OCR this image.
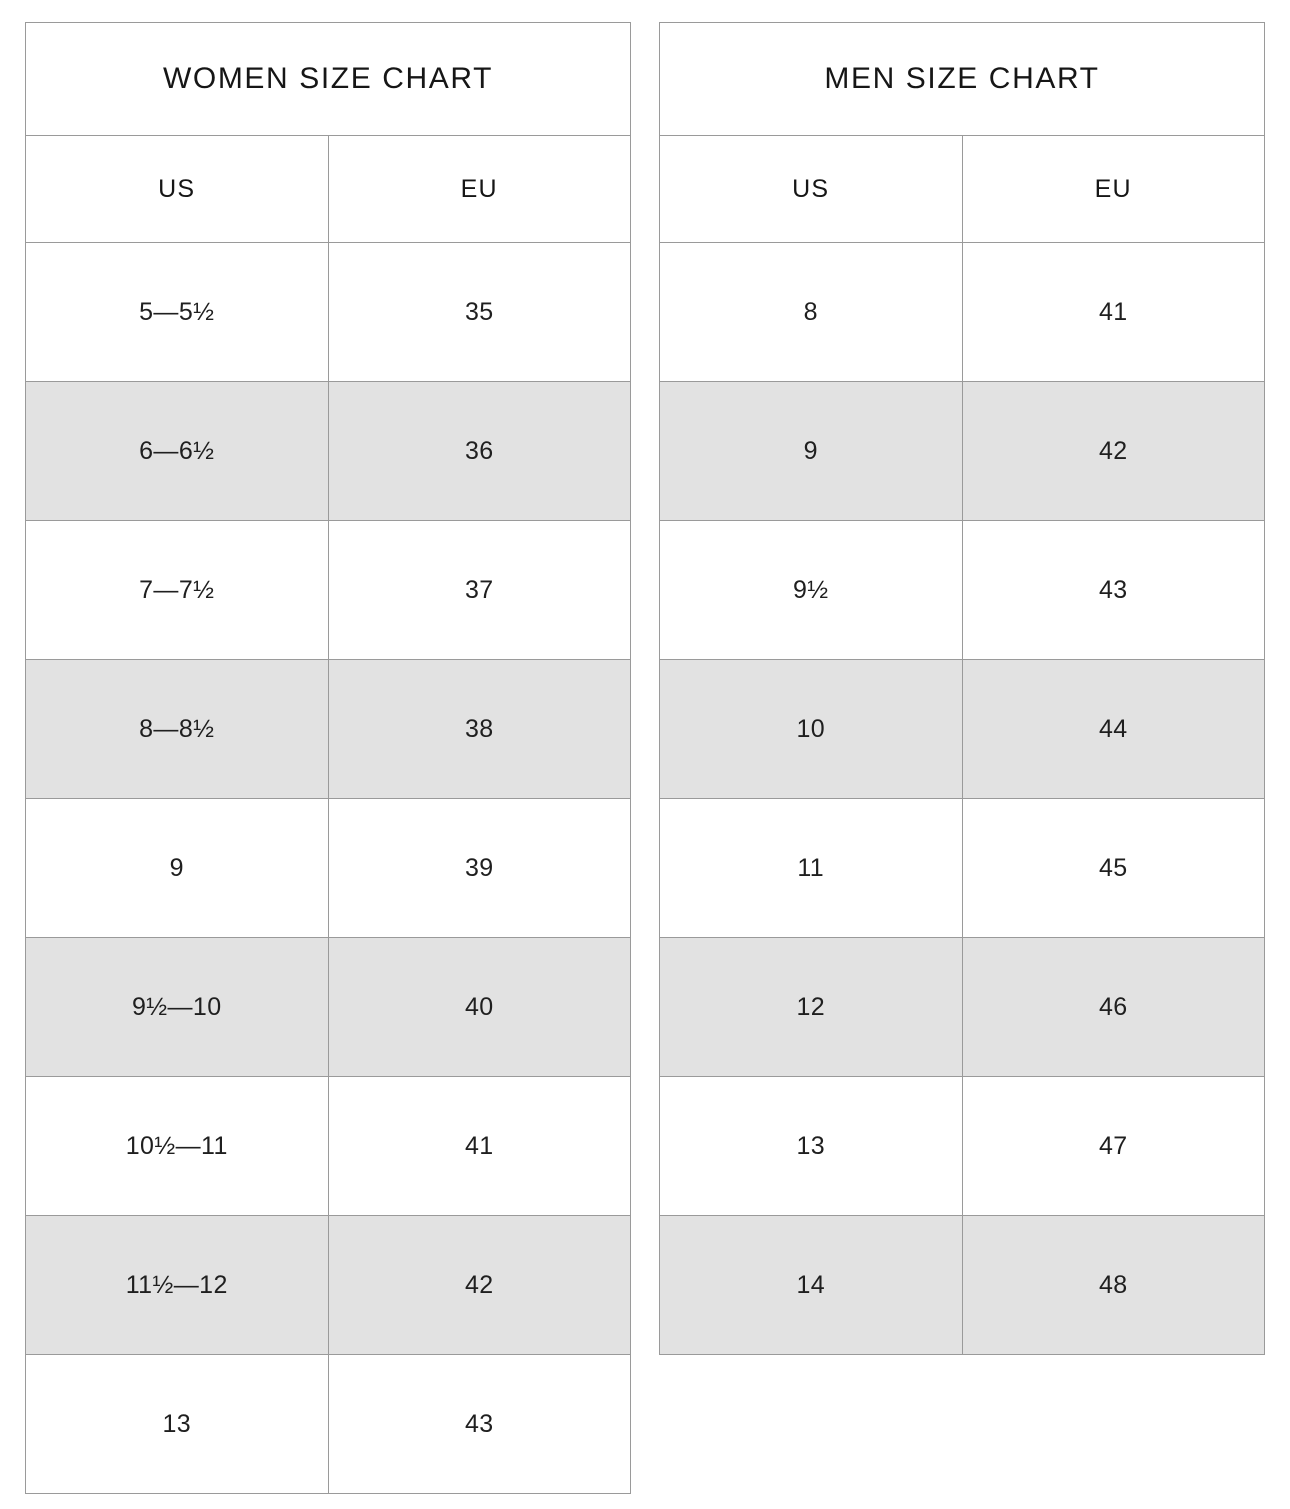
WOMEN SIZE CHART	
US	EU
5—5½	35
6—6½	36
7—7½	37
8—8½	38
9	39
9½—10	40
10½—11	41
11½—12	42
13	43
MEN SIZE CHART	
US	EU
8	41
9	42
9½	43
10	44
11	45
12	46
13	47
14	48
